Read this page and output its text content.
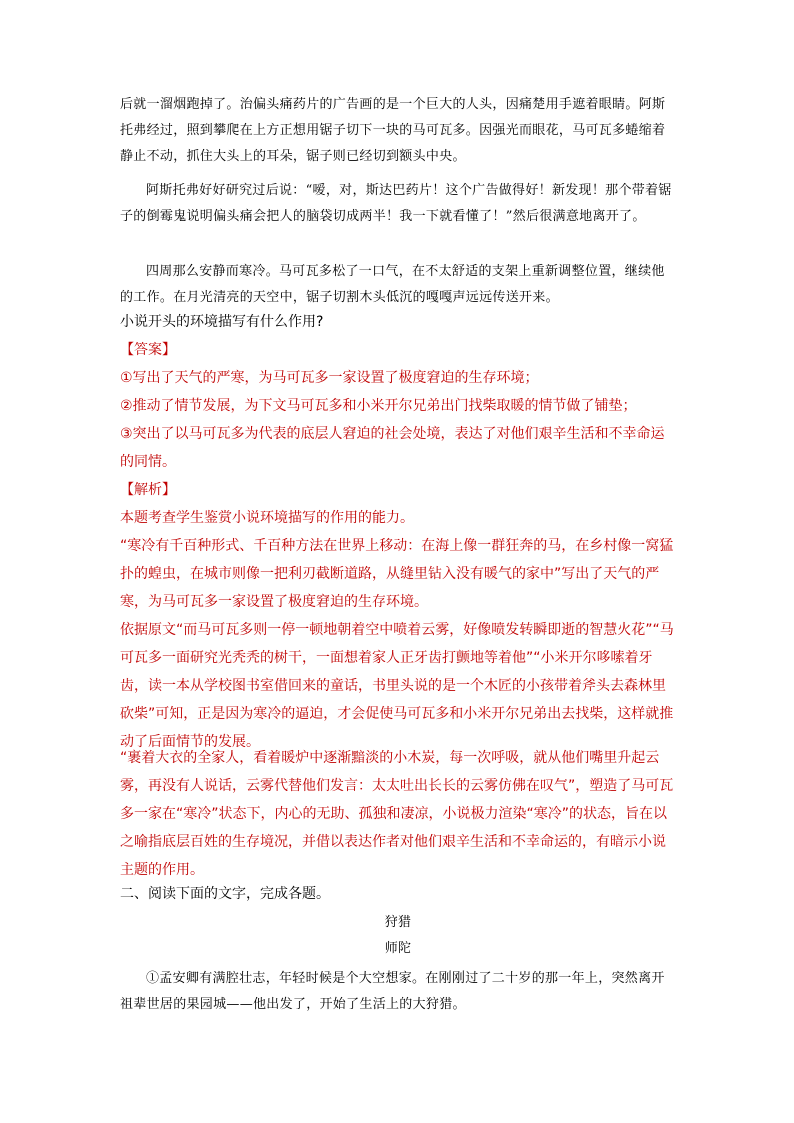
后就一溜烟跑掉了。治偏头痛药片的广告画的是一个巨大的人头，因痛楚用手遮着眼睛。阿斯托弗经过，照到攀爬在上方正想用锯子切下一块的马可瓦多。因强光而眼花，马可瓦多蜷缩着静止不动，抓住大头上的耳朵，锯子则已经切到额头中央。

阿斯托弗好好研究过后说：“嗳，对，斯达巴药片！这个广告做得好！新发现！那个带着锯子的倒霉鬼说明偏头痛会把人的脑袋切成两半！我一下就看懂了！”然后很满意地离开了。

四周那么安静而寒冷。马可瓦多松了一口气，在不太舒适的支架上重新调整位置，继续他的工作。在月光清亮的天空中，锯子切割木头低沉的嘎嘎声远远传送开来。

小说开头的环境描写有什么作用?

【答案】

①写出了天气的严寒，为马可瓦多一家设置了极度窘迫的生存环境；

②推动了情节发展，为下文马可瓦多和小米开尔兄弟出门找柴取暖的情节做了铺垫；

③突出了以马可瓦多为代表的底层人窘迫的社会处境，表达了对他们艰辛生活和不幸命运的同情。

【解析】

本题考查学生鉴赏小说环境描写的作用的能力。

“寒冷有千百种形式、千百种方法在世界上移动：在海上像一群狂奔的马，在乡村像一窝猛扑的蝗虫，在城市则像一把利刃截断道路，从缝里钻入没有暖气的家中”写出了天气的严寒，为马可瓦多一家设置了极度窘迫的生存环境。

依据原文“而马可瓦多则一停一顿地朝着空中喷着云雾，好像喷发转瞬即逝的智慧火花”“马可瓦多一面研究光秃秃的树干，一面想着家人正牙齿打颤地等着他”“小米开尔哆嗦着牙齿，读一本从学校图书室借回来的童话，书里头说的是一个木匠的小孩带着斧头去森林里砍柴”可知，正是因为寒冷的逼迫，才会促使马可瓦多和小米开尔兄弟出去找柴，这样就推动了后面情节的发展。

“裹着大衣的全家人，看着暖炉中逐渐黯淡的小木炭，每一次呼吸，就从他们嘴里升起云雾，再没有人说话，云雾代替他们发言：太太吐出长长的云雾仿佛在叹气”，塑造了马可瓦多一家在“寒冷”状态下，内心的无助、孤独和凄凉，小说极力渲染“寒冷”的状态，旨在以之喻指底层百姓的生存境况，并借以表达作者对他们艰辛生活和不幸命运的，有暗示小说主题的作用。

二、阅读下面的文字，完成各题。

狩猎

师陀

①孟安卿有满腔壮志，年轻时候是个大空想家。在刚刚过了二十岁的那一年上，突然离开祖辈世居的果园城——他出发了，开始了生活上的大狩猎。
